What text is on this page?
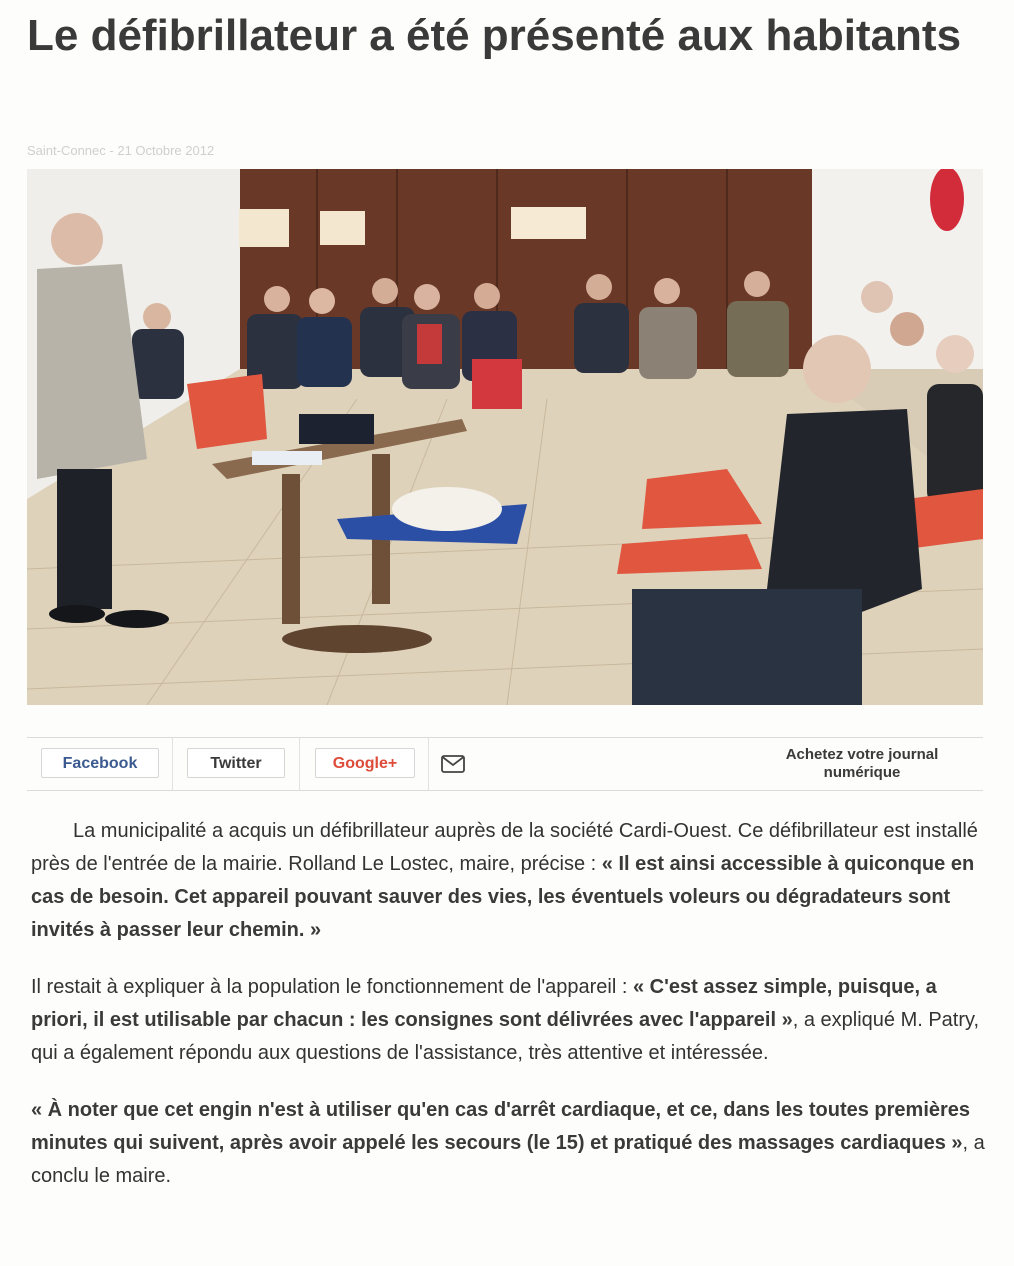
Le défibrillateur a été présenté aux habitants
Saint-Connec - 21 Octobre 2012
Facebook	Twitter	Google+
Achetez votre journal numérique

La municipalité a acquis un défibrillateur auprès de la société Cardi-Ouest. Ce défibrillateur est installé près de l'entrée de la mairie. Rolland Le Lostec, maire, précise : « Il est ainsi accessible à quiconque en cas de besoin. Cet appareil pouvant sauver des vies, les éventuels voleurs ou dégradateurs sont invités à passer leur chemin. »

Il restait à expliquer à la population le fonctionnement de l'appareil : « C'est assez simple, puisque, a priori, il est utilisable par chacun : les consignes sont délivrées avec l'appareil », a expliqué M. Patry, qui a également répondu aux questions de l'assistance, très attentive et intéressée.

« À noter que cet engin n'est à utiliser qu'en cas d'arrêt cardiaque, et ce, dans les toutes premières minutes qui suivent, après avoir appelé les secours (le 15) et pratiqué des massages cardiaques », a conclu le maire.
